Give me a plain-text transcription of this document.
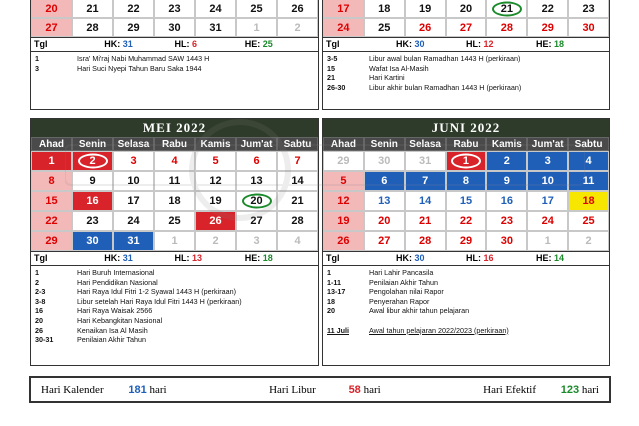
20	21	22	23	24	25	26
27	28	29	30	31	1	2
Tgl	HK: 31	HL: 6	HE: 25
1	Isra' Mi'raj Nabi Muhammad SAW 1443 H
3	Hari Suci Nyepi Tahun Baru Saka 1944
17	18	19	20	21	22	23
24	25	26	27	28	29	30
Tgl	HK: 30	HL: 12	HE: 18
3-5	Libur awal bulan Ramadhan 1443 H (perkiraan)
15	Wafat Isa Al-Masih
21	Hari Kartini
26-30	Libur akhir bulan Ramadhan 1443 H (perkiraan)
MEI 2022
Ahad	Senin	Selasa	Rabu	Kamis	Jum'at	Sabtu
1	2	3	4	5	6	7
8	9	10	11	12	13	14
15	16	17	18	19	20	21
22	23	24	25	26	27	28
29	30	31	1	2	3	4
Tgl	HK: 31	HL: 13	HE: 18
1	Hari Buruh Internasional
2	Hari Pendidikan Nasional
2-3	Hari Raya Idul Fitri 1-2 Syawal 1443 H (perkiraan)
3-8	Libur setelah Hari Raya Idul Fitri 1443 H (perkiraan)
16	Hari Raya Waisak 2566
20	Hari Kebangkitan Nasional
26	Kenaikan Isa Al Masih
30-31	Penilaian Akhir Tahun
JUNI 2022
Ahad	Senin	Selasa	Rabu	Kamis Jum'at	Sabtu
29	30	31	1	2	3	4
5	6	7	8	9	10	11
12	13	14	15	16	17	18
19	20	21	22	23	24	25
26	27	28	29	30	1	2
Tgl	HK: 30	HL: 16	HE: 14
1	Hari Lahir Pancasila
1-11	Penilaian Akhir Tahun
13-17	Pengolahan nilai Rapor
18	Penyerahan Rapor
20	Awal libur akhir tahun pelajaran

11 Juli	Awal tahun pelajaran 2022/2023 (perkiraan)
Hari Kalender 181 hari	Hari Libur	58 hari	Hari Efektif 123 hari
